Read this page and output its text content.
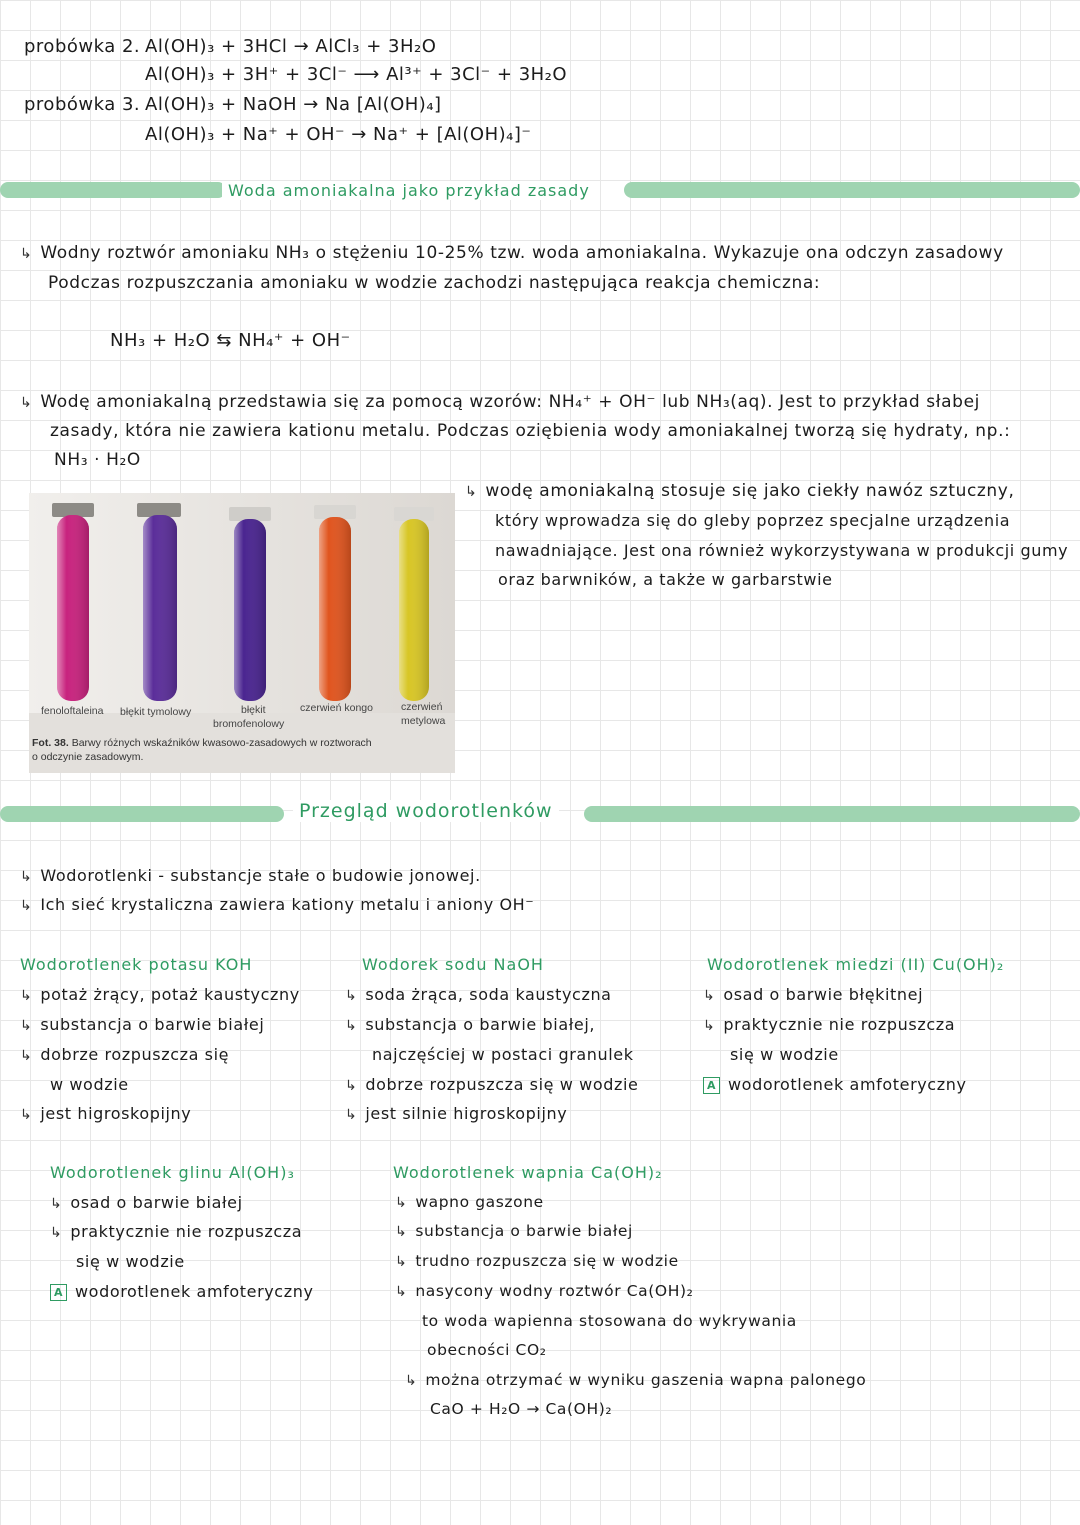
probówka 2. Al(OH)₃ + 3HCl → AlCl₃ + 3H₂O
Al(OH)₃ + 3H⁺ + 3Cl⁻ ⟶ Al³⁺ + 3Cl⁻ + 3H₂O
probówka 3. Al(OH)₃ + NaOH → Na [Al(OH)₄]
Al(OH)₃ + Na⁺ + OH⁻ → Na⁺ + [Al(OH)₄]⁻
Woda amoniakalna jako przykład zasady
↳ Wodny roztwór amoniaku NH₃ o stężeniu 10-25% tzw. woda amoniakalna. Wykazuje ona odczyn zasadowy
Podczas rozpuszczania amoniaku w wodzie zachodzi następująca reakcja chemiczna:
NH₃ + H₂O ⇆ NH₄⁺ + OH⁻
↳ Wodę amoniakalną przedstawia się za pomocą wzorów: NH₄⁺ + OH⁻ lub NH₃(aq). Jest to przykład słabej
zasady, która nie zawiera kationu metalu. Podczas oziębienia wody amoniakalnej tworzą się hydraty, np.:
NH₃ · H₂O
↳ wodę amoniakalną stosuje się jako ciekły nawóz sztuczny,
który wprowadza się do gleby poprzez specjalne urządzenia
nawadniające. Jest ona również wykorzystywana w produkcji gumy
oraz barwników, a także w garbarstwie
fenoloftaleina błękit tymolowy	błękit
bromofenolowy
czerwień kongo	czerwień
metylowa
Fot. 38. Barwy różnych wskaźników kwasowo-zasadowych w roztworach
o odczynie zasadowym.
Przegląd wodorotlenków
↳ Wodorotlenki - substancje stałe o budowie jonowej.
↳ Ich sieć krystaliczna zawiera kationy metalu i aniony OH⁻
Wodorotlenek potasu KOH
↳ potaż żrący, potaż kaustyczny
↳ substancja o barwie białej
↳ dobrze rozpuszcza się
w wodzie
↳ jest higroskopijny
Wodorek sodu NaOH
↳ soda żrąca, soda kaustyczna
↳ substancja o barwie białej,
najczęściej w postaci granulek
↳ dobrze rozpuszcza się w wodzie
↳ jest silnie higroskopijny
Wodorotlenek miedzi (II) Cu(OH)₂
↳ osad o barwie błękitnej
↳ praktycznie nie rozpuszcza
się w wodzie
A wodorotlenek amfoteryczny
Wodorotlenek glinu Al(OH)₃
↳ osad o barwie białej
↳ praktycznie nie rozpuszcza
się w wodzie
A wodorotlenek amfoteryczny
Wodorotlenek wapnia Ca(OH)₂
↳ wapno gaszone
↳ substancja o barwie białej
↳ trudno rozpuszcza się w wodzie
↳ nasycony wodny roztwór Ca(OH)₂
to woda wapienna stosowana do wykrywania
obecności CO₂
↳ można otrzymać w wyniku gaszenia wapna palonego
CaO + H₂O → Ca(OH)₂
